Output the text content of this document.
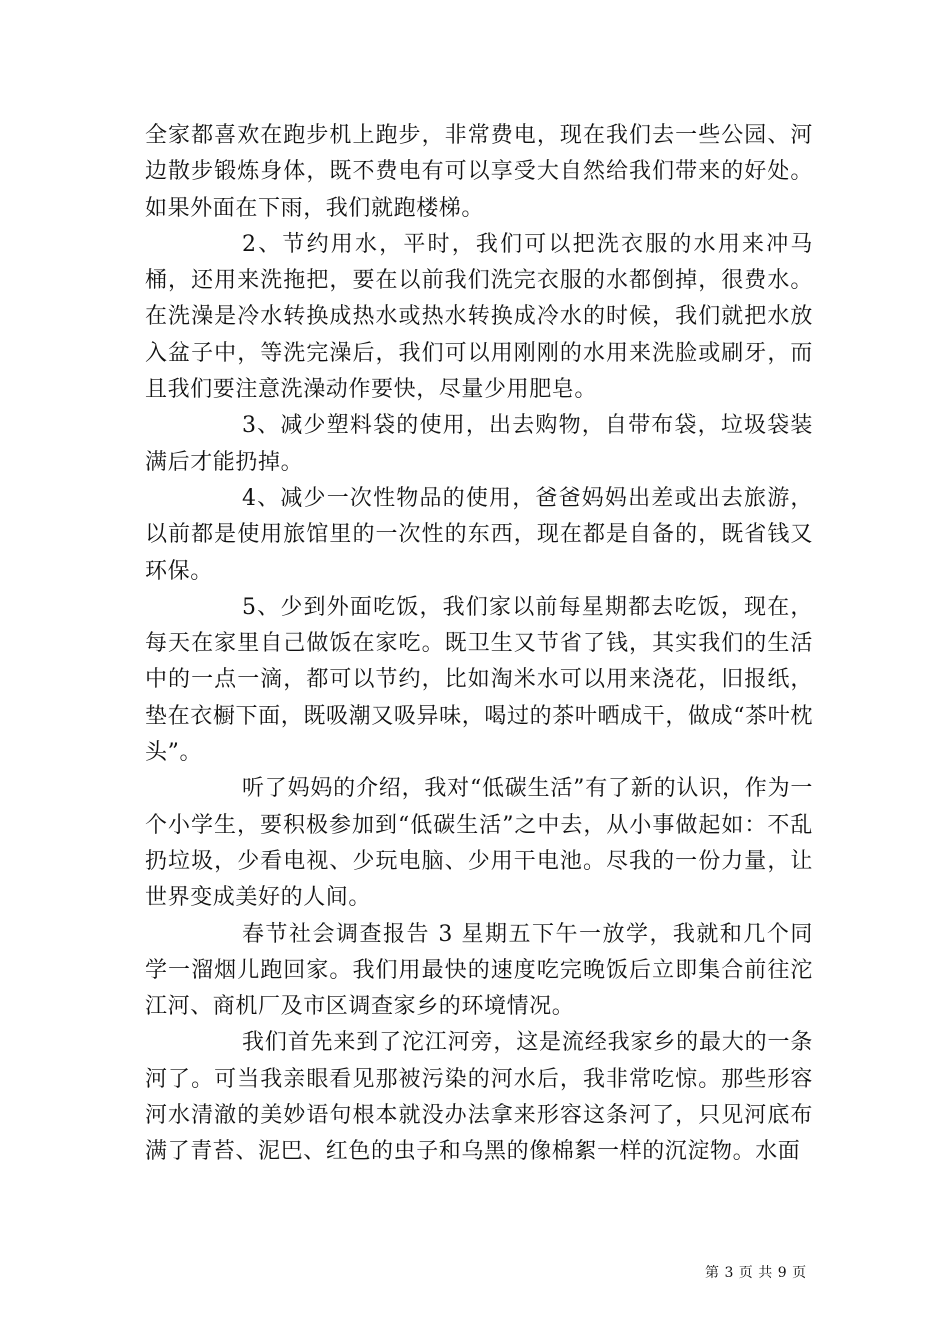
全家都喜欢在跑步机上跑步，非常费电，现在我们去一些公园、河边散步锻炼身体，既不费电有可以享受大自然给我们带来的好处。如果外面在下雨，我们就跑楼梯。

2、节约用水，平时，我们可以把洗衣服的水用来冲马桶，还用来洗拖把，要在以前我们洗完衣服的水都倒掉，很费水。在洗澡是冷水转换成热水或热水转换成冷水的时候，我们就把水放入盆子中，等洗完澡后，我们可以用刚刚的水用来洗脸或刷牙，而且我们要注意洗澡动作要快，尽量少用肥皂。

3、减少塑料袋的使用，出去购物，自带布袋，垃圾袋装满后才能扔掉。

4、减少一次性物品的使用，爸爸妈妈出差或出去旅游，以前都是使用旅馆里的一次性的东西，现在都是自备的，既省钱又环保。

5、少到外面吃饭，我们家以前每星期都去吃饭，现在，每天在家里自己做饭在家吃。既卫生又节省了钱，其实我们的生活中的一点一滴，都可以节约，比如淘米水可以用来浇花，旧报纸，垫在衣橱下面，既吸潮又吸异味，喝过的茶叶晒成干，做成“茶叶枕头”。

听了妈妈的介绍，我对“低碳生活”有了新的认识，作为一个小学生，要积极参加到“低碳生活”之中去，从小事做起如：不乱扔垃圾，少看电视、少玩电脑、少用干电池。尽我的一份力量，让世界变成美好的人间。

春节社会调查报告 3 星期五下午一放学，我就和几个同学一溜烟儿跑回家。我们用最快的速度吃完晚饭后立即集合前往沱江河、商机厂及市区调查家乡的环境情况。

我们首先来到了沱江河旁，这是流经我家乡的最大的一条河了。可当我亲眼看见那被污染的河水后，我非常吃惊。那些形容河水清澈的美妙语句根本就没办法拿来形容这条河了，只见河底布满了青苔、泥巴、红色的虫子和乌黑的像棉絮一样的沉淀物。水面

第 3 页 共 9 页
